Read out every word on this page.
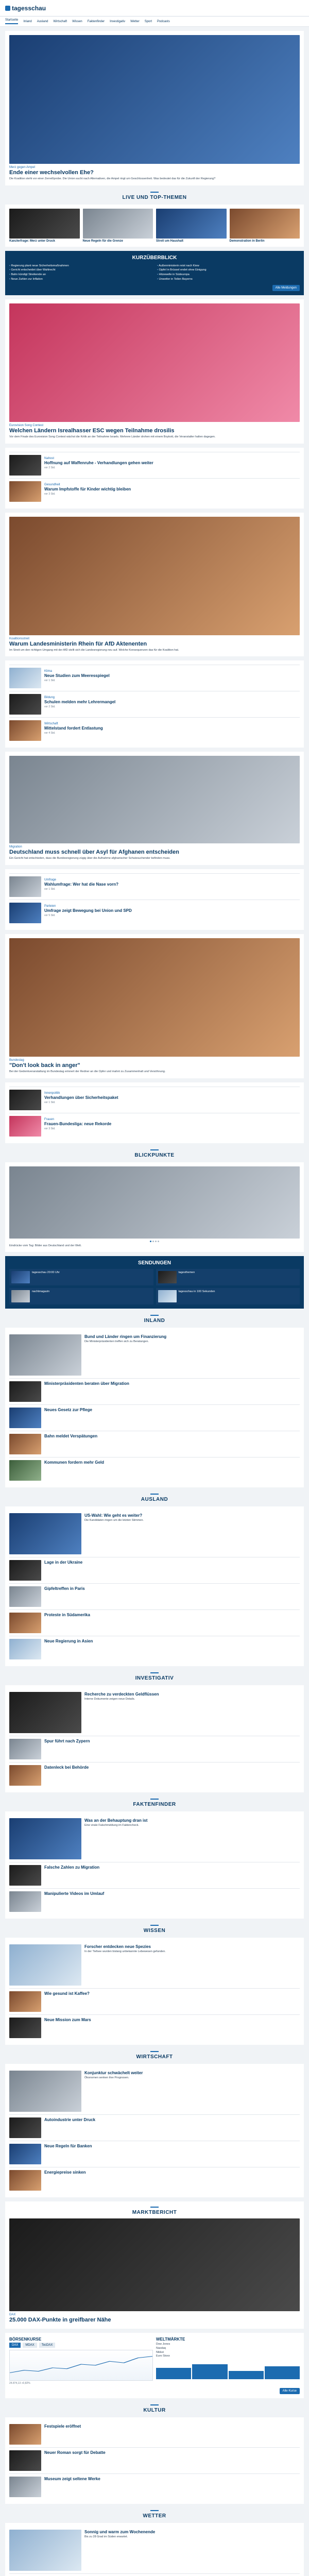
tagesschau
Startseite Inland Ausland Wirtschaft Wissen Faktenfinder Investigativ Wetter Sport Podcasts
Merz gegen Ampel
Ende einer wechselvollen Ehe?
Die Koalition steht vor einer Zerreißprobe. Die Union sucht nach Alternativen, die Ampel ringt um Geschlossenheit. Was bedeutet das für die Zukunft der Regierung?
LIVE UND TOP-THEMEN
Kanzlerfrage: Merz unter Druck	Neue Regeln für die Grenze	Streit um Haushalt	Demonstration in Berlin
KURZÜBERBLICK
• Regierung plant neue Sicherheitsmaßnahmen
• Gericht entscheidet über Wahlrecht
• Bahn kündigt Streikende an
• Neue Zahlen zur Inflation
• Außenministerin reist nach Kiew
• Gipfel in Brüssel endet ohne Einigung
• Hitzewelle in Südeuropa
• Unwetter in Teilen Bayerns
Alle Meldungen
Eurovision Song Contest
Welchen Ländern Isrealhasser ESC wegen Teilnahme drosilis
Vor dem Finale des Eurovision Song Contest wächst die Kritik an der Teilnahme Israels. Mehrere Länder drohen mit einem Boykott, die Veranstalter halten dagegen.
Nahost
Hoffnung auf Waffenruhe - Verhandlungen gehen weiter
vor 2 Std.
Gesundheit
Warum Impfstoffe für Kinder wichtig bleiben
vor 3 Std.
Koalitionsstreit
Warum Landesministerin Rhein für AfD Aktenenten
Im Streit um den richtigen Umgang mit der AfD stellt sich die Landesregierung neu auf. Welche Konsequenzen das für die Koalition hat.
Klima
Neue Studien zum Meeresspiegel
vor 1 Std.
Bildung
Schulen melden mehr Lehrermangel
vor 2 Std.
Wirtschaft
Mittelstand fordert Entlastung
vor 4 Std.
Migration
Deutschland muss schnell über Asyl für Afghanen entscheiden
Ein Gericht hat entschieden, dass die Bundesregierung zügig über die Aufnahme afghanischer Schutzsuchender befinden muss.
Umfrage
Wahlumfrage: Wer hat die Nase vorn?
vor 1 Std.
Parteien
Umfrage zeigt Bewegung bei Union und SPD
vor 5 Std.
Bundestag
"Don't look back in anger"
Bei der Gedenkveranstaltung im Bundestag erinnert der Redner an die Opfer und mahnt zu Zusammenhalt und Versöhnung.
Innenpolitik
Verhandlungen über Sicherheitspaket
vor 1 Std.
Frauen
Frauen-Bundesliga: neue Rekorde
vor 3 Std.
BLICKPUNKTE
Eindrücke vom Tag: Bilder aus Deutschland und der Welt.
SENDUNGEN
tagesschau 20:00 Uhr	tagesthemen
nachtmagazin	tagesschau in 100 Sekunden
INLAND
Bund und Länder ringen um Finanzierung
Die Ministerpräsidenten treffen sich zu Beratungen.
Ministerpräsidenten beraten über Migration
Neues Gesetz zur Pflege
Bahn meldet Verspätungen
Kommunen fordern mehr Geld
AUSLAND
US-Wahl: Wie geht es weiter?
Die Kandidaten ringen um die letzten Stimmen.
Lage in der Ukraine
Gipfeltreffen in Paris
Proteste in Südamerika
Neue Regierung in Asien
INVESTIGATIV
Recherche zu verdeckten Geldflüssen
Interne Dokumente zeigen neue Details.
Spur führt nach Zypern
Datenleck bei Behörde
FAKTENFINDER
Was an der Behauptung dran ist
Eine virale Falschmeldung im Faktencheck.
Falsche Zahlen zu Migration
Manipulierte Videos im Umlauf
WISSEN
Forscher entdecken neue Spezies
In der Tiefsee wurden bislang unbekannte Lebewesen gefunden.
Wie gesund ist Kaffee?
Neue Mission zum Mars
WIRTSCHAFT
Konjunktur schwächelt weiter
Ökonomen senken ihre Prognosen.
Autoindustrie unter Druck
Neue Regeln für Banken
Energiepreise sinken
MARKTBERICHT
DAX
25.000 DAX-Punkte in greifbarer Nähe
BÖRSENKURSE
DAX	MDAX	TecDAX
24.874,13 +0,82%
WELTMÄRKTE
Dow Jones
Nasdaq
Nikkei
Euro Stoxx
Alle Kurse
KULTUR
Festspiele eröffnet
Neuer Roman sorgt für Debatte
Museum zeigt seltene Werke
WETTER
Sonnig und warm zum Wochenende
Bis zu 28 Grad im Süden erwartet.
